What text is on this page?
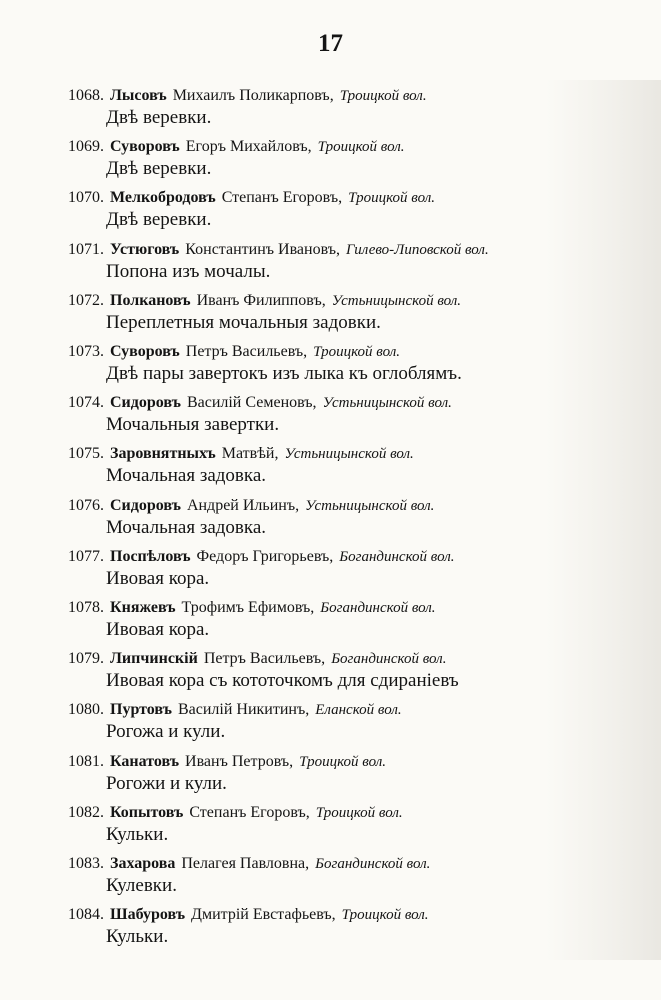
17
1068. Лысовъ Михаилъ Поликарповъ, Троицкой вол.
Двѣ веревки.
1069. Суворовъ Егоръ Михайловъ, Троицкой вол.
Двѣ веревки.
1070. Мелкобродовъ Степанъ Егоровъ, Троицкой вол.
Двѣ веревки.
1071. Устюговъ Константинъ Ивановъ, Гилево-Липовской вол.
Попона изъ мочалы.
1072. Полкановъ Иванъ Филипповъ, Устьницынской вол.
Переплетныя мочальныя задовки.
1073. Суворовъ Петръ Васильевъ, Троицкой вол.
Двѣ пары завертокъ изъ лыка къ оглоблямъ.
1074. Сидоровъ Василій Семеновъ, Устьницынской вол.
Мочальныя завертки.
1075. Заровнятныхъ Матвѣй, Устьницынской вол.
Мочальная задовка.
1076. Сидоровъ Андрей Ильинъ, Устьницынской вол.
Мочальная задовка.
1077. Поспѣловъ Федоръ Григорьевъ, Богандинской вол.
Ивовая кора.
1078. Княжевъ Трофимъ Ефимовъ, Богандинской вол.
Ивовая кора.
1079. Липчинскій Петръ Васильевъ, Богандинской вол.
Ивовая кора съ кототочкомъ для сдираніевъ
1080. Пуртовъ Василій Никитинъ, Еланской вол.
Рогожа и кули.
1081. Канатовъ Иванъ Петровъ, Троицкой вол.
Рогожи и кули.
1082. Копытовъ Степанъ Егоровъ, Троицкой вол.
Кульки.
1083. Захарова Пелагея Павловна, Богандинской вол.
Кулевки.
1084. Шабуровъ Дмитрій Евстафьевъ, Троицкой вол.
Кульки.
